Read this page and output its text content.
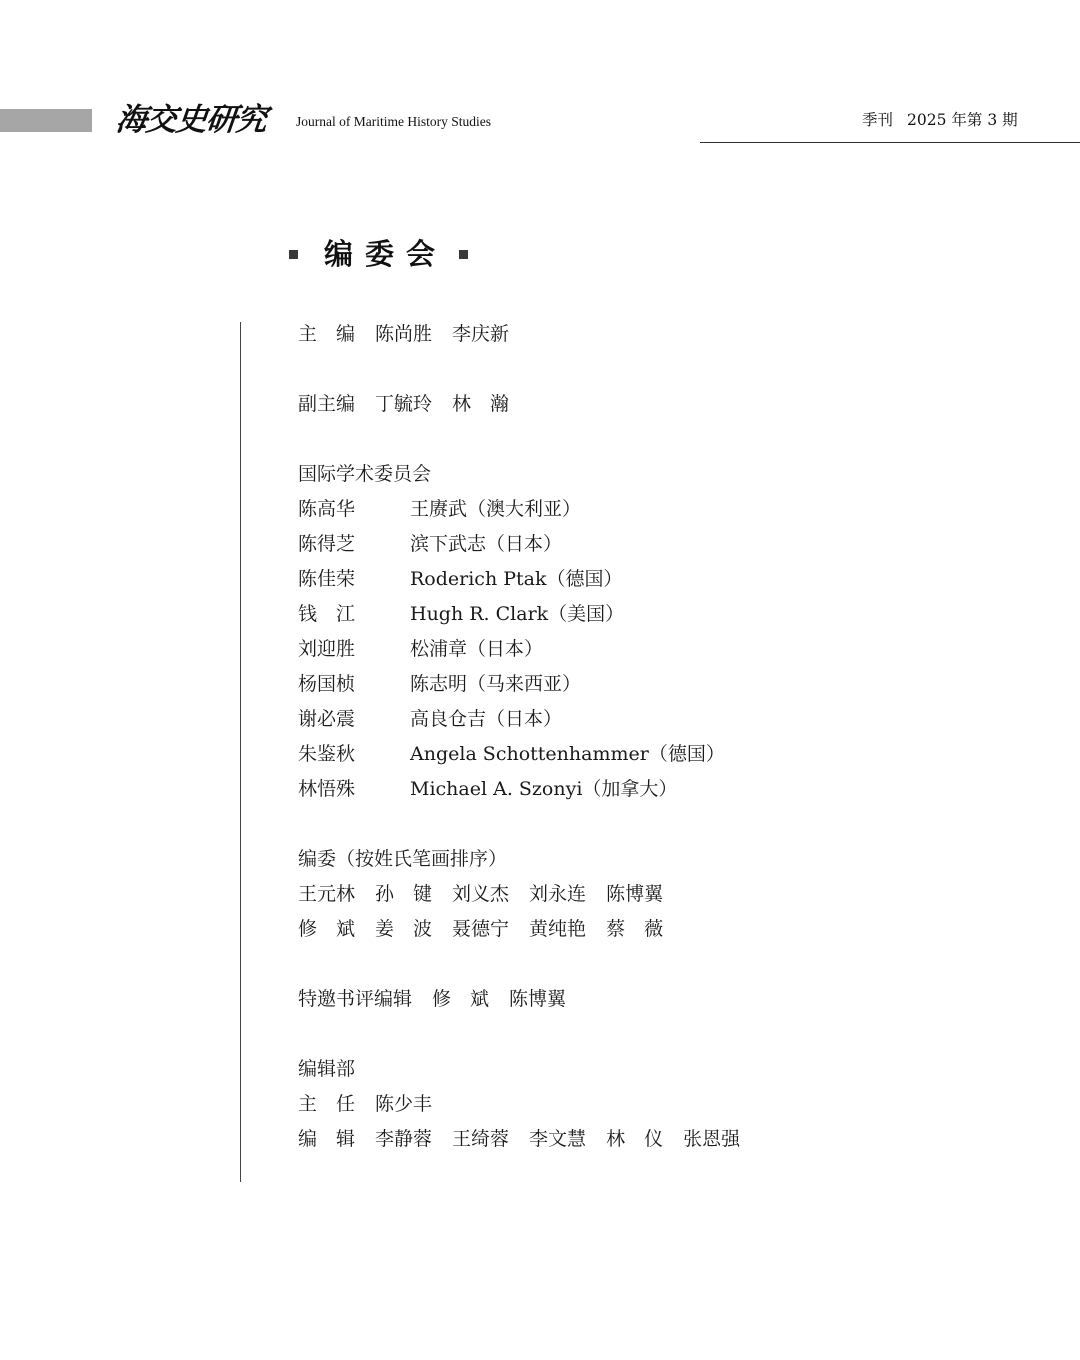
海交史研究 Journal of Maritime History Studies	季刊 2025 年第 3 期
编委会
主　编 陈尚胜 李庆新
副主编 丁毓玲 林　瀚
国际学术委员会
陈高华	王赓武（澳大利亚）
陈得芝	滨下武志（日本）
陈佳荣	Roderich Ptak（德国）
钱　江	Hugh R. Clark（美国）
刘迎胜	松浦章（日本）
杨国桢	陈志明（马来西亚）
谢必震	高良仓吉（日本）
朱鉴秋	Angela Schottenhammer（德国）
林悟殊	Michael A. Szonyi（加拿大）
编委（按姓氏笔画排序）
王元林 孙　键 刘义杰 刘永连 陈博翼
修　斌 姜　波 聂德宁 黄纯艳 蔡　薇
特邀书评编辑 修　斌 陈博翼
编辑部
主　任 陈少丰
编　辑 李静蓉 王绮蓉 李文慧 林　仪 张恩强
